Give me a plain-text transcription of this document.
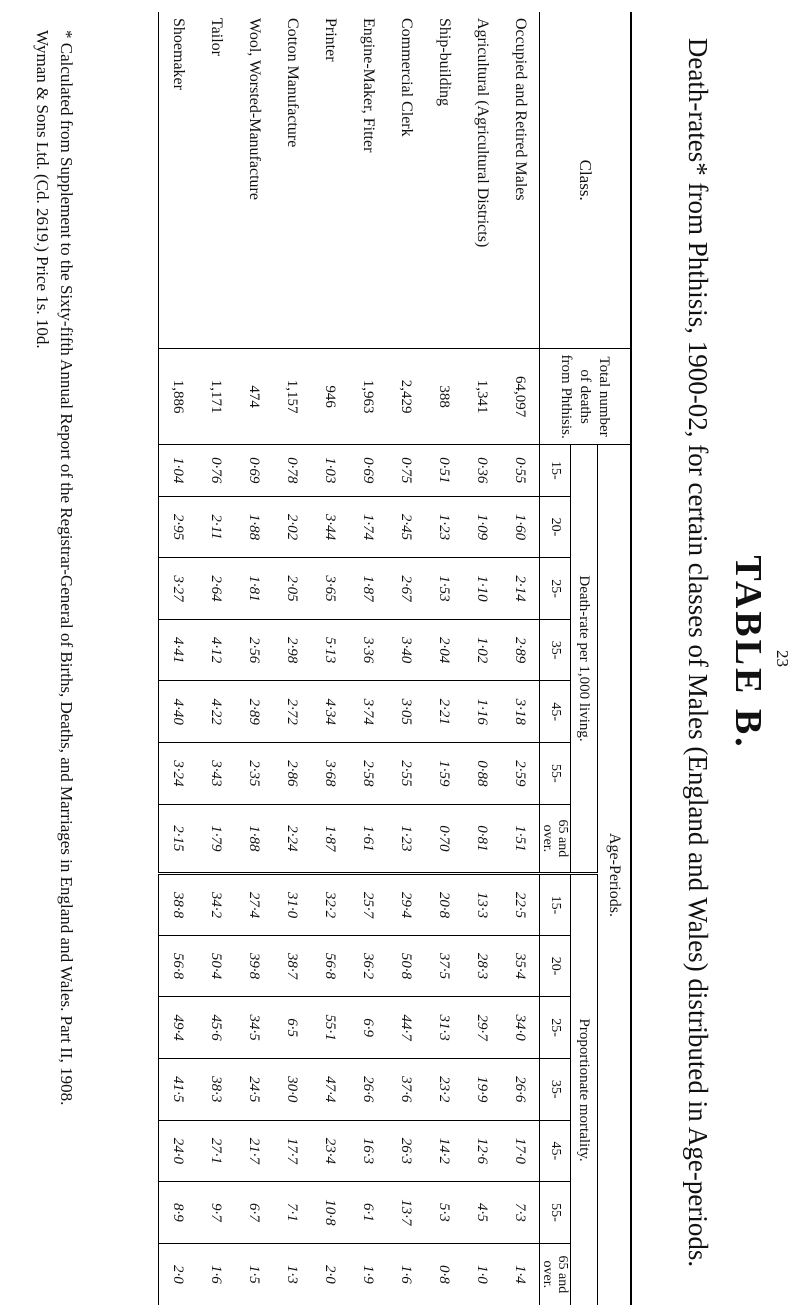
23
TABLE B.
Death-rates* from Phthisis, 1900-02, for certain classes of Males (England and Wales) distributed in Age-periods.
Class.	Total number of deaths from Phthisis.	Age-Periods.													
		Death-rate per 1,000 living.							Proportionate mortality.						
		15-	20-	25-	35-	45-	55-	65 and over.	15-	20-	25-	35-	45-	55-	65 and over.
Occupied and Retired Males	64,097	0·55	1·60	2·14	2·89	3·18	2·59	1·51	22·5	35·4	34·0	26·6	17·0	7·3	1·4
Agricultural (Agricultural Districts)	1,341	0·36	1·09	1·10	1·02	1·16	0·88	0·81	13·3	28·3	29·7	19·9	12·6	4·5	1·0
Ship-building	388	0·51	1·23	1·53	2·04	2·21	1·59	0·70	20·8	37·5	31·3	23·2	14·2	5·3	0·8
Commercial Clerk	2,429	0·75	2·45	2·67	3·40	3·05	2·55	1·23	29·4	50·8	44·7	37·6	26·3	13·7	1·6
Engine-Maker, Fitter	1,963	0·69	1·74	1·87	3·36	3·74	2·58	1·61	25·7	36·2	6·9	26·6	16·3	6·1	1·9
Printer	946	1·03	3·44	3·65	5·13	4·34	3·68	1·87	32·2	56·8	55·1	47·4	23·4	10·8	2·0
Cotton Manufacture	1,157	0·78	2·02	2·05	2·98	2·72	2·86	2·24	31·0	38·7	6·5	30·0	17·7	7·1	1·3
Wool, Worsted-Manufacture	474	0·69	1·88	1·81	2·56	2·89	2·35	1·88	27·4	39·8	34·5	24·5	21·7	6·7	1·5
Tailor	1,171	0·76	2·11	2·64	4·12	4·22	3·43	1·79	34·2	50·4	45·6	38·3	27·1	9·7	1·6
Shoemaker	1,886	1·04	2·95	3·27	4·41	4·40	3·24	2·15	38·8	56·8	49·4	41·5	24·0	8·9	2·0
* Calculated from Supplement to the Sixty-fifth Annual Report of the Registrar-General of Births, Deaths, and Marriages in England and Wales. Part II, 1908.
Wyman & Sons Ltd. (Cd. 2619.) Price 1s. 10d.
